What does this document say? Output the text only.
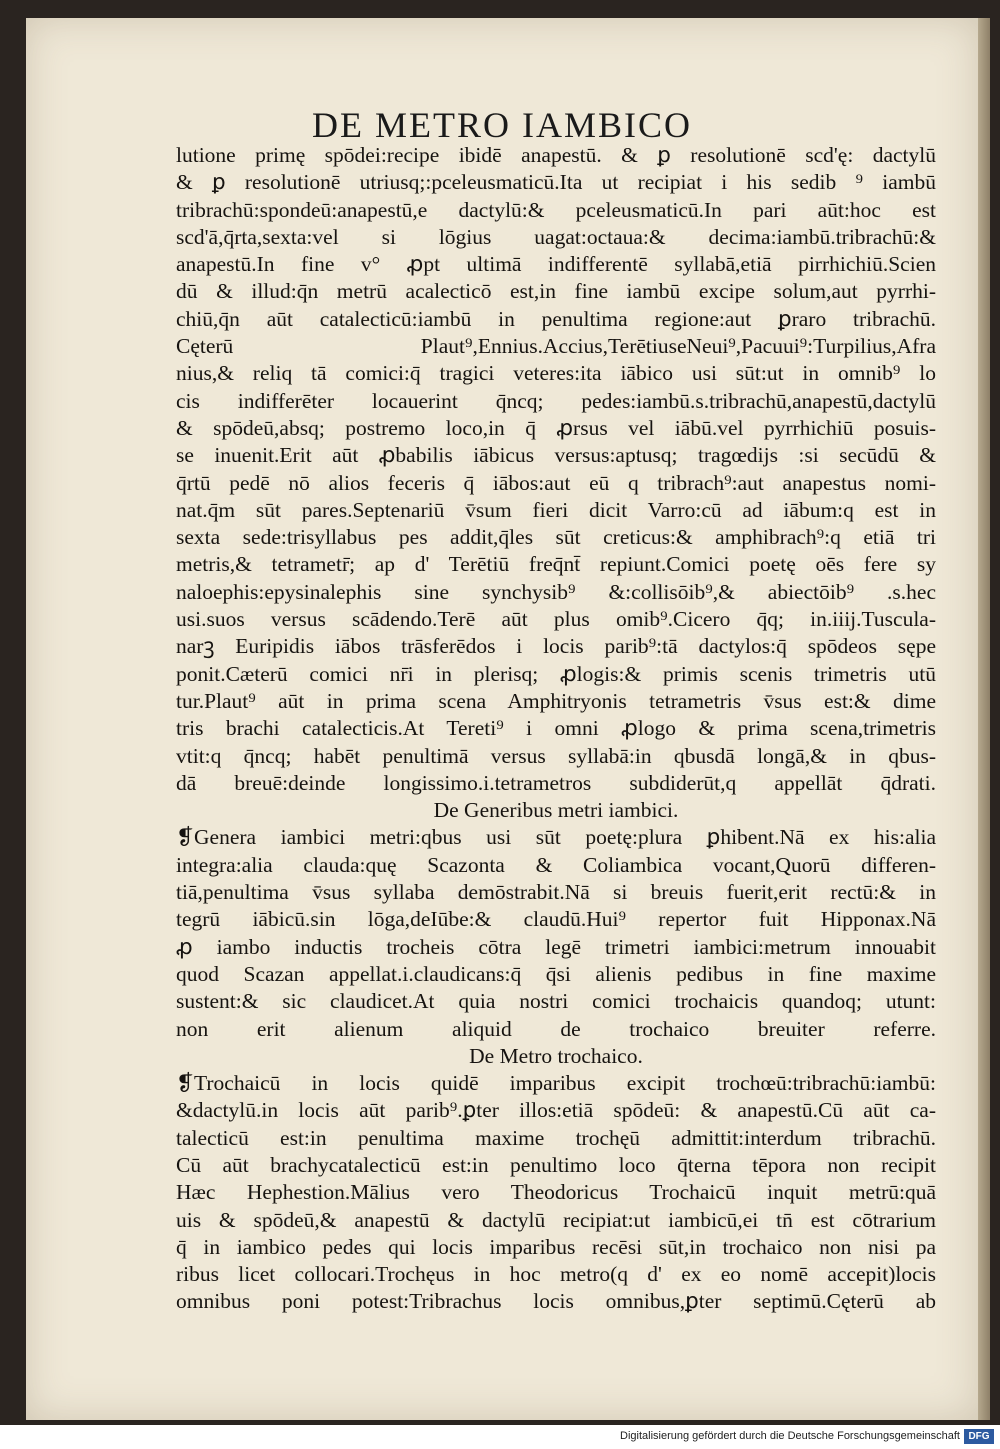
DE METRO IAMBICO
lutione primę spōdei:recipe ibidē anapestū. & ꝑ resolutionē scd'ę: dactylū
& ꝑ resolutionē utriusq;:pceleusmaticū.Ita ut recipiat i his sedib ⁹ iambū
tribrachū:spondeū:anapestū,e dactylū:& pceleusmaticū.In pari aūt:hoc est
scd'ā,q̄rta,sexta:vel si lōgius uagat:octaua:& decima:iambū.tribrachū:&
anapestū.In fine v° ꝓpt ultimā indifferentē syllabā,etiā pirrhichiū.Scien
dū & illud:q̄n metrū acalecticō est,in fine iambū excipe solum,aut pyrrhi-
chiū,q̄n aūt catalecticū:iambū in penultima regione:aut ꝑraro tribrachū.
Cęterū Plaut⁹,Ennius.Accius,TerētiuseNeui⁹,Pacuui⁹:Turpilius,Afra
nius,& reliq tā comici:q̄ tragici veteres:ita iābico usi sūt:ut in omnib⁹ lo
cis indifferēter locauerint q̄ncq; pedes:iambū.s.tribrachū,anapestū,dactylū
& spōdeū,absq; postremo loco,in q̄ ꝓrsus vel iābū.vel pyrrhichiū posuis-
se inuenit.Erit aūt ꝓbabilis iābicus versus:aptusq; tragœdijs :si secūdū &
q̄rtū pedē nō alios feceris q̄ iābos:aut eū q tribrach⁹:aut anapestus nomi-
nat.q̄m sūt pares.Septenariū v̄sum fieri dicit Varro:cū ad iābum:q est in
sexta sede:trisyllabus pes addit,q̄les sūt creticus:& amphibrach⁹:q etiā tri
metris,& tetrametr̄; ap d' Terētiū freq̄nt̄ repiunt.Comici poetę oēs fere sy
naloephis:epysinalephis sine synchysib⁹ &:collisōib⁹,& abiectōib⁹ .s.hec
usi.suos versus scādendo.Terē aūt plus omib⁹.Cicero q̄q; in.iiij.Tuscula-
narꝫ Euripidis iābos trāsferēdos i locis parib⁹:tā dactylos:q̄ spōdeos sępe
ponit.Cæterū comici nr̄i in plerisq; ꝓlogis:& primis scenis trimetris utū
tur.Plaut⁹ aūt in prima scena Amphitryonis tetrametris v̄sus est:& dime
tris brachi catalecticis.At Tereti⁹ i omni ꝓlogo & prima scena,trimetris
vtit:q q̄ncq; habēt penultimā versus syllabā:in qbusdā longā,& in qbus-
dā breuē:deinde longissimo.i.tetrametros subdiderūt,q appellāt q̄drati.
De Generibus metri iambici.
❡Genera iambici metri:qbus usi sūt poetę:plura ꝑhibent.Nā ex his:alia
integra:alia clauda:quę Scazonta & Coliambica vocant,Quorū differen-
tiā,penultima v̄sus syllaba demōstrabit.Nā si breuis fuerit,erit rectū:& in
tegrū iābicū.sin lōga,deIūbe:& claudū.Hui⁹ repertor fuit Hipponax.Nā
ꝓ iambo inductis trocheis cōtra legē trimetri iambici:metrum innouabit
quod Scazan appellat.i.claudicans:q̄ q̄si alienis pedibus in fine maxime
sustent:& sic claudicet.At quia nostri comici trochaicis quandoq; utunt:
non erit alienum aliquid de trochaico breuiter referre.
De Metro trochaico.
❡Trochaicū in locis quidē imparibus excipit trochœū:tribrachū:iambū:
&dactylū.in locis aūt parib⁹.ꝑter illos:etiā spōdeū: & anapestū.Cū aūt ca-
talecticū est:in penultima maxime trochęū admittit:interdum tribrachū.
Cū aūt brachycatalecticū est:in penultimo loco q̄terna tēpora non recipit
Hæc Hephestion.Mālius vero Theodoricus Trochaicū inquit metrū:quā
uis & spōdeū,& anapestū & dactylū recipiat:ut iambicū,ei tn̄ est cōtrarium
q̄ in iambico pedes qui locis imparibus recēsi sūt,in trochaico non nisi pa
ribus licet collocari.Trochęus in hoc metro(q d' ex eo nomē accepit)locis
omnibus poni potest:Tribrachus locis omnibus,ꝑter septimū.Cęterū ab
Digitalisierung gefördert durch die Deutsche Forschungsgemeinschaft DFG
